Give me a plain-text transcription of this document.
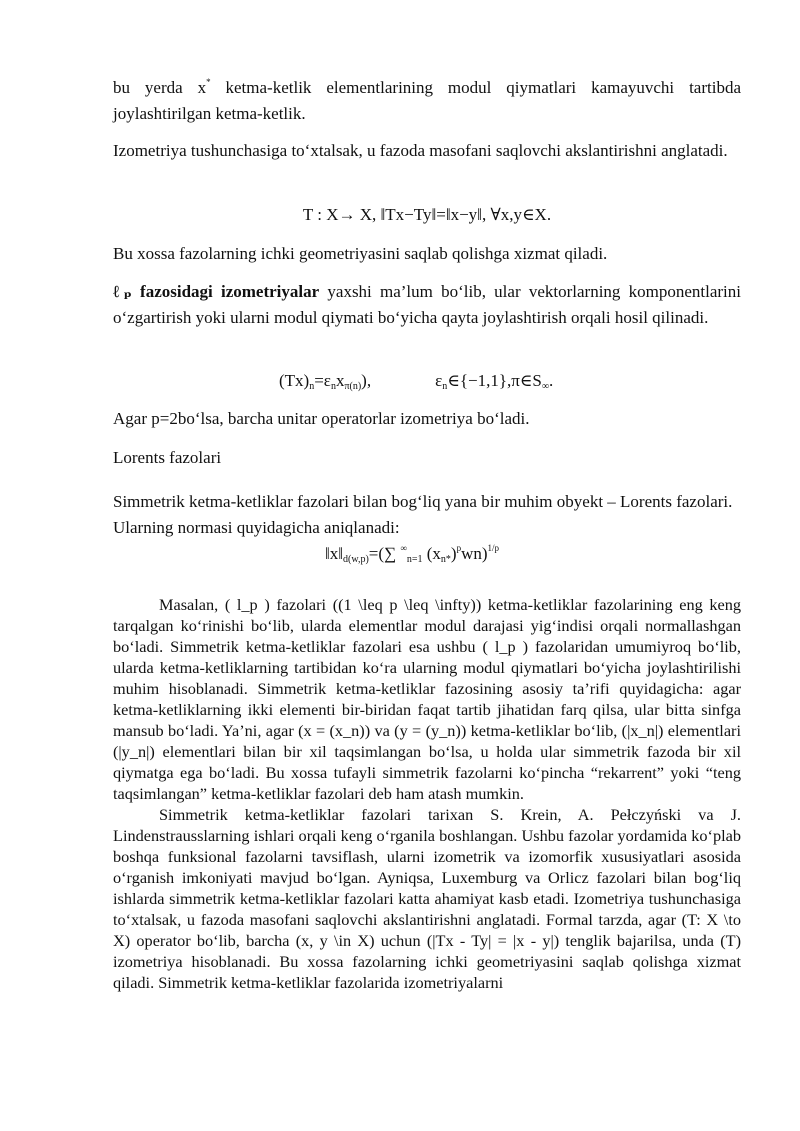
bu yerda x* ketma-ketlik elementlarining modul qiymatlari kamayuvchi tartibda joylashtirilgan ketma-ketlik.

Izometriya tushunchasiga to‘xtalsak, u fazoda masofani saqlovchi akslantirishni anglatadi.

T : X→ X, ‖Tx−Ty‖=‖x−y‖, ∀x,y∈X.

Bu xossa fazolarning ichki geometriyasini saqlab qolishga xizmat qiladi.

ℓₚ fazosidagi izometriyalar yaxshi ma’lum bo‘lib, ular vektorlarning komponentlarini o‘zgartirish yoki ularni modul qiymati bo‘yicha qayta joylashtirish orqali hosil qilinadi.

$(Tx)_n=\varepsilon_nx_{\pi(n)}$),	$\varepsilon_n\in\{-1,1\},\pi\in S_\infty$.

Agar p=2bo‘lsa, barcha unitar operatorlar izometriya bo‘ladi.

Lorents fazolari

Simmetrik ketma-ketliklar fazolari bilan bog‘liq yana bir muhim obyekt – Lorents fazolari. Ularning normasi quyidagicha aniqlanadi:

$‖x‖_{d(w,p)}=(\sum$ ∞$_{n=1}$ $(x_{n*})^pwn)^{1/p}$

Masalan, ( l_p ) fazolari ((1 \leq p \leq \infty)) ketma-ketliklar fazolarining eng keng tarqalgan ko‘rinishi bo‘lib, ularda elementlar modul darajasi yig‘indisi orqali normallashgan bo‘ladi. Simmetrik ketma-ketliklar fazolari esa ushbu ( l_p ) fazolaridan umumiyroq bo‘lib, ularda ketma-ketliklarning tartibidan ko‘ra ularning modul qiymatlari bo‘yicha joylashtirilishi muhim hisoblanadi. Simmetrik ketma-ketliklar fazosining asosiy ta’rifi quyidagicha: agar ketma-ketliklarning ikki elementi bir-biridan faqat tartib jihatidan farq qilsa, ular bitta sinfga mansub bo‘ladi. Ya’ni, agar (x = (x_n)) va (y = (y_n)) ketma-ketliklar bo‘lib, (|x_n|) elementlari (|y_n|) elementlari bilan bir xil taqsimlangan bo‘lsa, u holda ular simmetrik fazoda bir xil qiymatga ega bo‘ladi. Bu xossa tufayli simmetrik fazolarni ko‘pincha “rekarrent” yoki “teng taqsimlangan” ketma-ketliklar fazolari deb ham atash mumkin.

Simmetrik ketma-ketliklar fazolari tarixan S. Krein, A. Pełczyński va J. Lindenstrausslarning ishlari orqali keng o‘rganila boshlangan. Ushbu fazolar yordamida ko‘plab boshqa funksional fazolarni tavsiflash, ularni izometrik va izomorfik xususiyatlari asosida o‘rganish imkoniyati mavjud bo‘lgan. Ayniqsa, Luxemburg va Orlicz fazolari bilan bog‘liq ishlarda simmetrik ketma-ketliklar fazolari katta ahamiyat kasb etadi. Izometriya tushunchasiga to‘xtalsak, u fazoda masofani saqlovchi akslantirishni anglatadi. Formal tarzda, agar (T: X \to X) operator bo‘lib, barcha (x, y \in X) uchun (|Tx - Ty| = |x - y|) tenglik bajarilsa, unda (T) izometriya hisoblanadi. Bu xossa fazolarning ichki geometriyasini saqlab qolishga xizmat qiladi. Simmetrik ketma-ketliklar fazolarida izometriyalarni
